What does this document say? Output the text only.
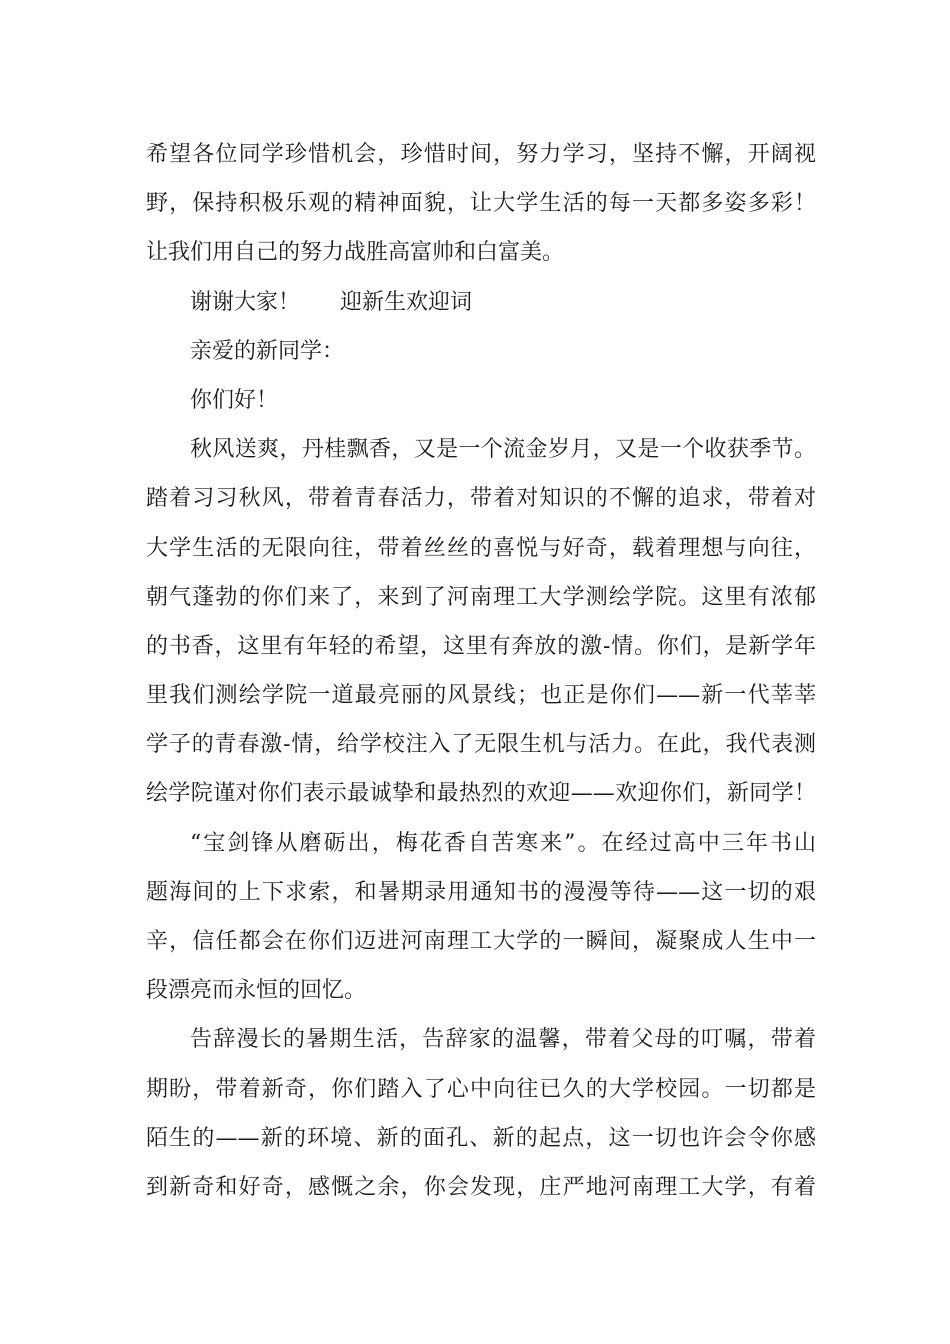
希望各位同学珍惜机会，珍惜时间，努力学习，坚持不懈，开阔视
野，保持积极乐观的精神面貌，让大学生活的每一天都多姿多彩！
让我们用自己的努力战胜高富帅和白富美。
谢谢大家！ 迎新生欢迎词
亲爱的新同学：
你们好！
秋风送爽，丹桂飘香，又是一个流金岁月，又是一个收获季节。
踏着习习秋风，带着青春活力，带着对知识的不懈的追求，带着对
大学生活的无限向往，带着丝丝的喜悦与好奇，载着理想与向往，
朝气蓬勃的你们来了，来到了河南理工大学测绘学院。这里有浓郁
的书香，这里有年轻的希望，这里有奔放的激-情。你们，是新学年
里我们测绘学院一道最亮丽的风景线；也正是你们——新一代莘莘
学子的青春激-情，给学校注入了无限生机与活力。在此，我代表测
绘学院谨对你们表示最诚挚和最热烈的欢迎——欢迎你们，新同学！
“宝剑锋从磨砺出，梅花香自苦寒来”。在经过高中三年书山
题海间的上下求索，和暑期录用通知书的漫漫等待——这一切的艰
辛，信任都会在你们迈进河南理工大学的一瞬间，凝聚成人生中一
段漂亮而永恒的回忆。
告辞漫长的暑期生活，告辞家的温馨，带着父母的叮嘱，带着
期盼，带着新奇，你们踏入了心中向往已久的大学校园。一切都是
陌生的——新的环境、新的面孔、新的起点，这一切也许会令你感
到新奇和好奇，感慨之余，你会发现，庄严地河南理工大学，有着
